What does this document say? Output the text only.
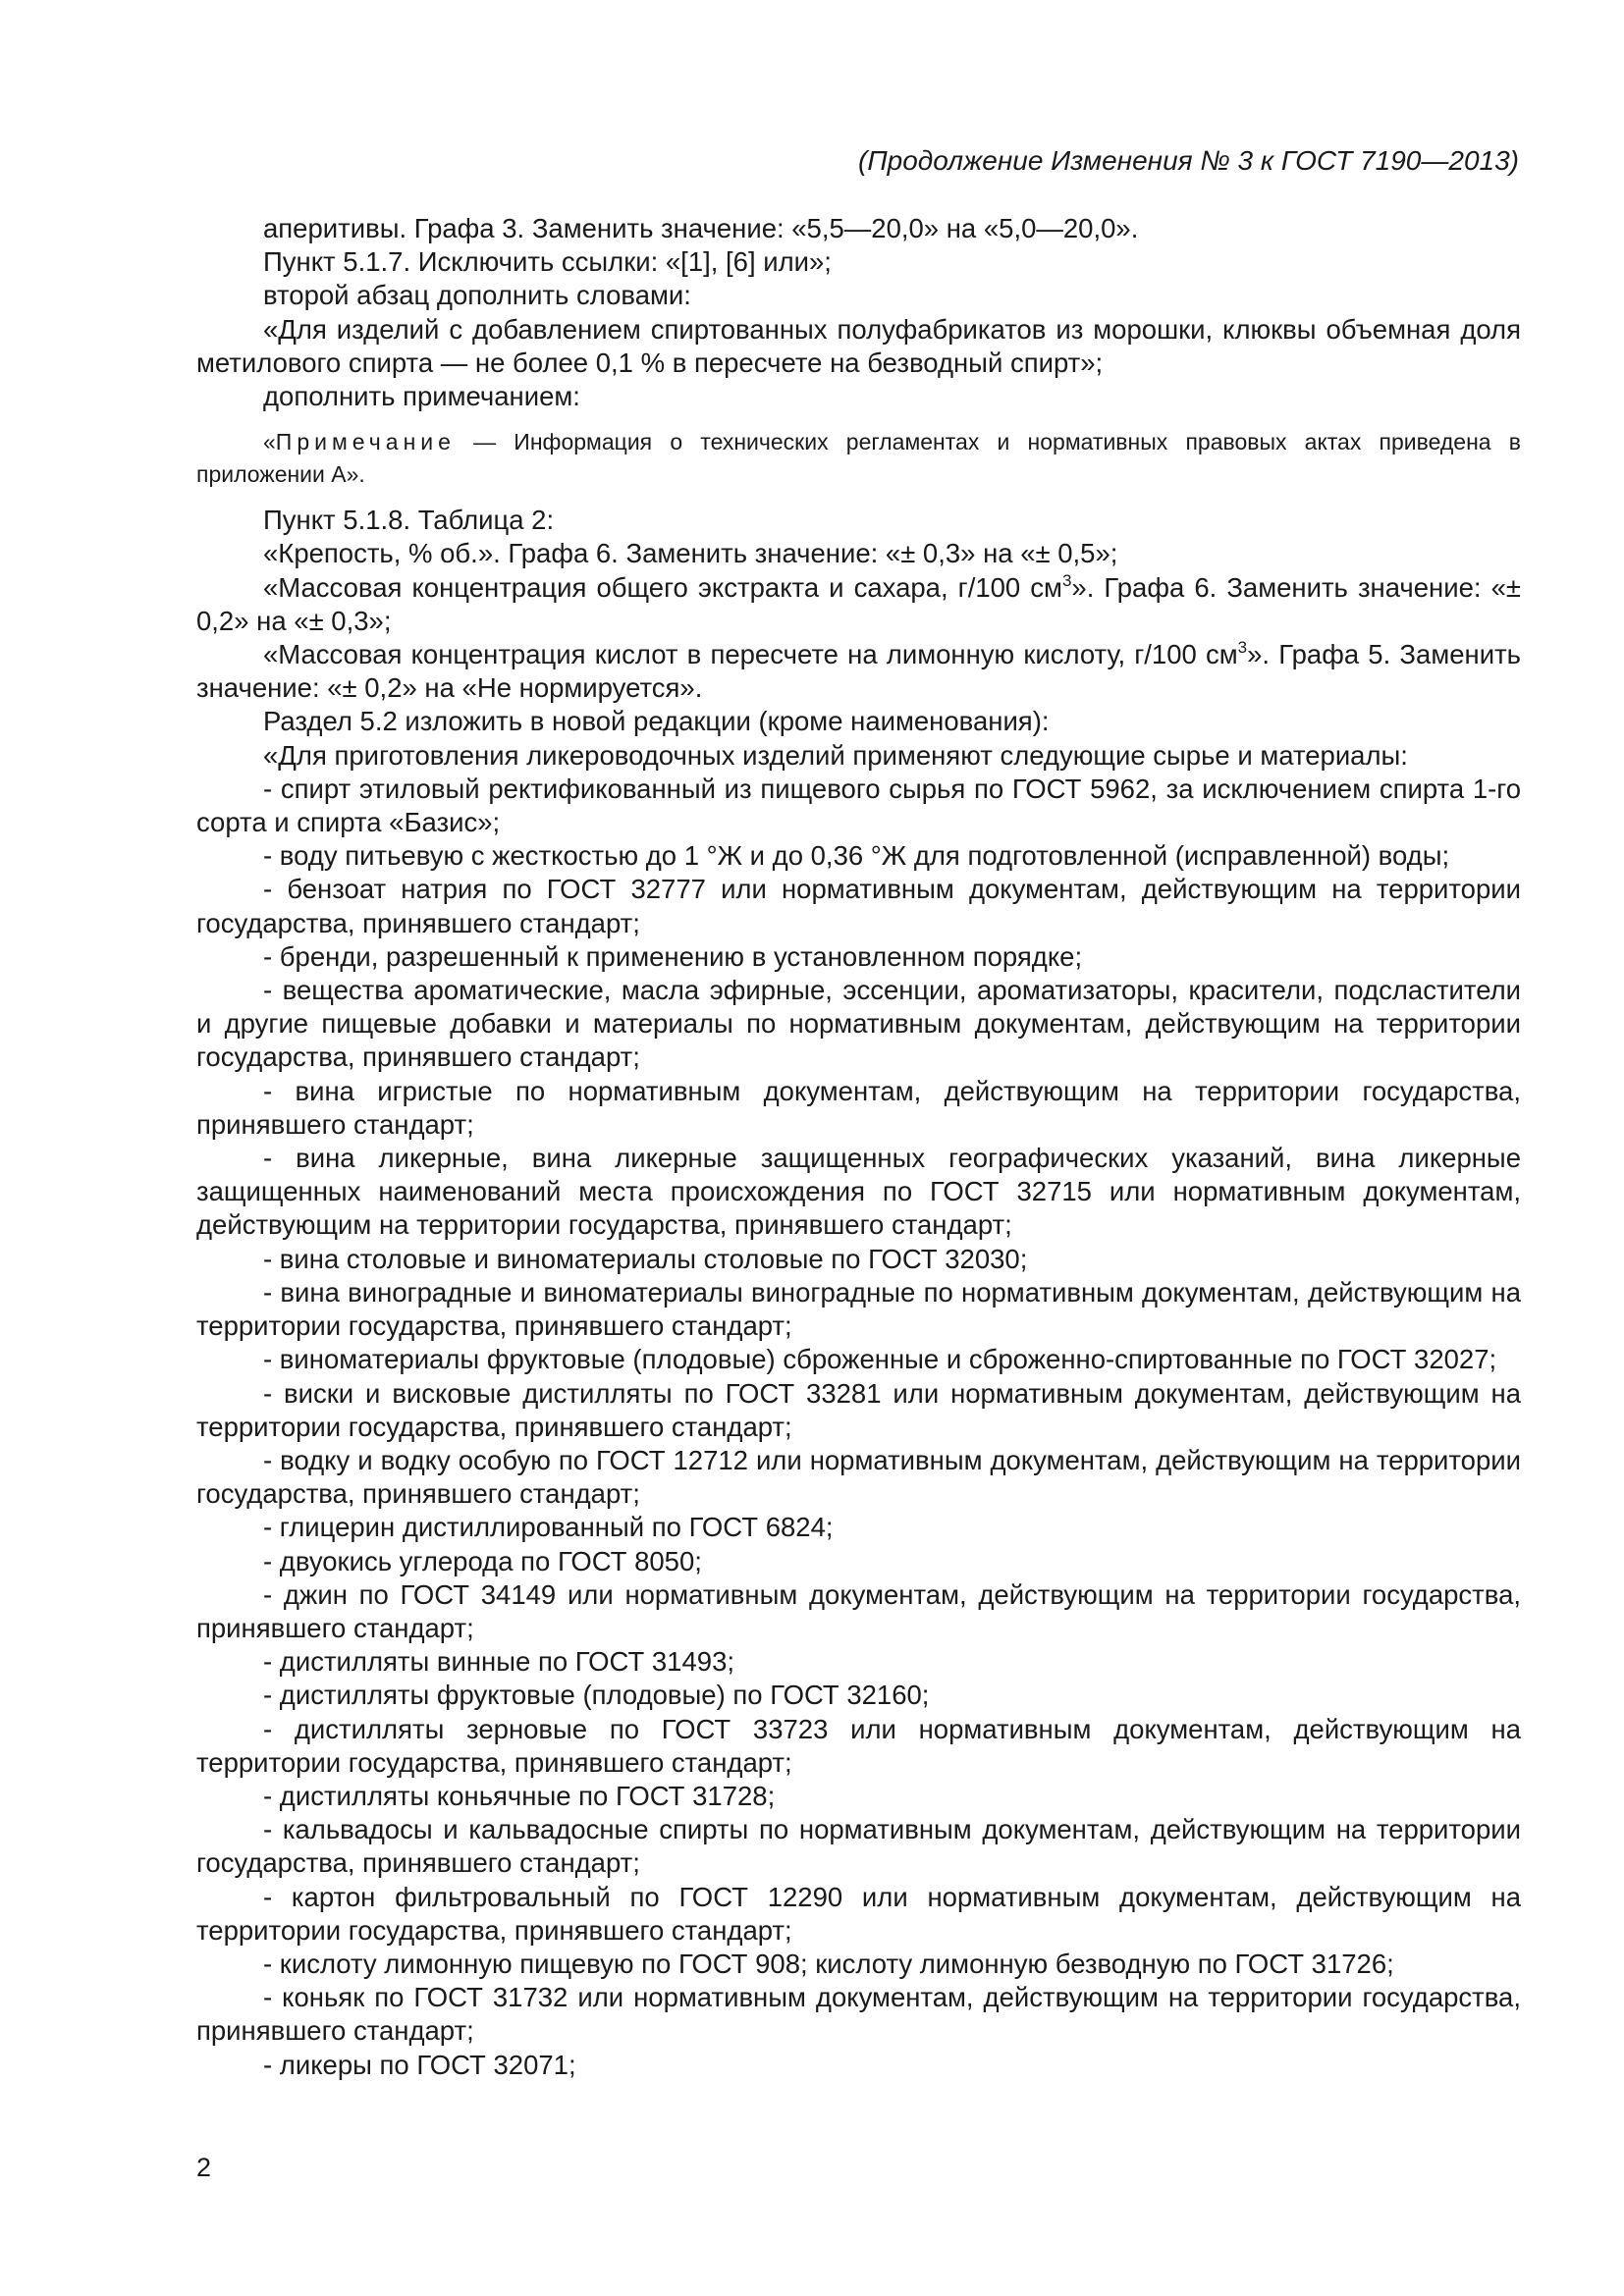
(Продолжение Изменения № 3 к ГОСТ 7190—2013)

аперитивы. Графа 3. Заменить значение: «5,5—20,0» на «5,0—20,0».

Пункт 5.1.7. Исключить ссылки: «[1], [6] или»;

второй абзац дополнить словами:

«Для изделий с добавлением спиртованных полуфабрикатов из морошки, клюквы объемная доля метилового спирта — не более 0,1 % в пересчете на безводный спирт»;

дополнить примечанием:

«Примечание — Информация о технических регламентах и нормативных правовых актах приведена в приложении А».

Пункт 5.1.8. Таблица 2:

«Крепость, % об.». Графа 6. Заменить значение: «± 0,3» на «± 0,5»;

«Массовая концентрация общего экстракта и сахара, г/100 $см^3$». Графа 6. Заменить значение: «± 0,2» на «± 0,3»;

«Массовая концентрация кислот в пересчете на лимонную кислоту, г/100 $см^3$». Графа 5. Заменить значение: «± 0,2» на «Не нормируется».

Раздел 5.2 изложить в новой редакции (кроме наименования):

«Для приготовления ликероводочных изделий применяют следующие сырье и материалы:

- спирт этиловый ректификованный из пищевого сырья по ГОСТ 5962, за исключением спирта 1-го сорта и спирта «Базис»;

- воду питьевую с жесткостью до 1 °Ж и до 0,36 °Ж для подготовленной (исправленной) воды;

- бензоат натрия по ГОСТ 32777 или нормативным документам, действующим на территории государства, принявшего стандарт;

- бренди, разрешенный к применению в установленном порядке;

- вещества ароматические, масла эфирные, эссенции, ароматизаторы, красители, подсластители и другие пищевые добавки и материалы по нормативным документам, действующим на территории государства, принявшего стандарт;

- вина игристые по нормативным документам, действующим на территории государства, принявшего стандарт;

- вина ликерные, вина ликерные защищенных географических указаний, вина ликерные защищенных наименований места происхождения по ГОСТ 32715 или нормативным документам, действующим на территории государства, принявшего стандарт;

- вина столовые и виноматериалы столовые по ГОСТ 32030;

- вина виноградные и виноматериалы виноградные по нормативным документам, действующим на территории государства, принявшего стандарт;

- виноматериалы фруктовые (плодовые) сброженные и сброженно-спиртованные по ГОСТ 32027;

- виски и висковые дистилляты по ГОСТ 33281 или нормативным документам, действующим на территории государства, принявшего стандарт;

- водку и водку особую по ГОСТ 12712 или нормативным документам, действующим на территории государства, принявшего стандарт;

- глицерин дистиллированный по ГОСТ 6824;

- двуокись углерода по ГОСТ 8050;

- джин по ГОСТ 34149 или нормативным документам, действующим на территории государства, принявшего стандарт;

- дистилляты винные по ГОСТ 31493;

- дистилляты фруктовые (плодовые) по ГОСТ 32160;

- дистилляты зерновые по ГОСТ 33723 или нормативным документам, действующим на территории государства, принявшего стандарт;

- дистилляты коньячные по ГОСТ 31728;

- кальвадосы и кальвадосные спирты по нормативным документам, действующим на территории государства, принявшего стандарт;

- картон фильтровальный по ГОСТ 12290 или нормативным документам, действующим на территории государства, принявшего стандарт;

- кислоту лимонную пищевую по ГОСТ 908; кислоту лимонную безводную по ГОСТ 31726;

- коньяк по ГОСТ 31732 или нормативным документам, действующим на территории государства, принявшего стандарт;

- ликеры по ГОСТ 32071;

2
